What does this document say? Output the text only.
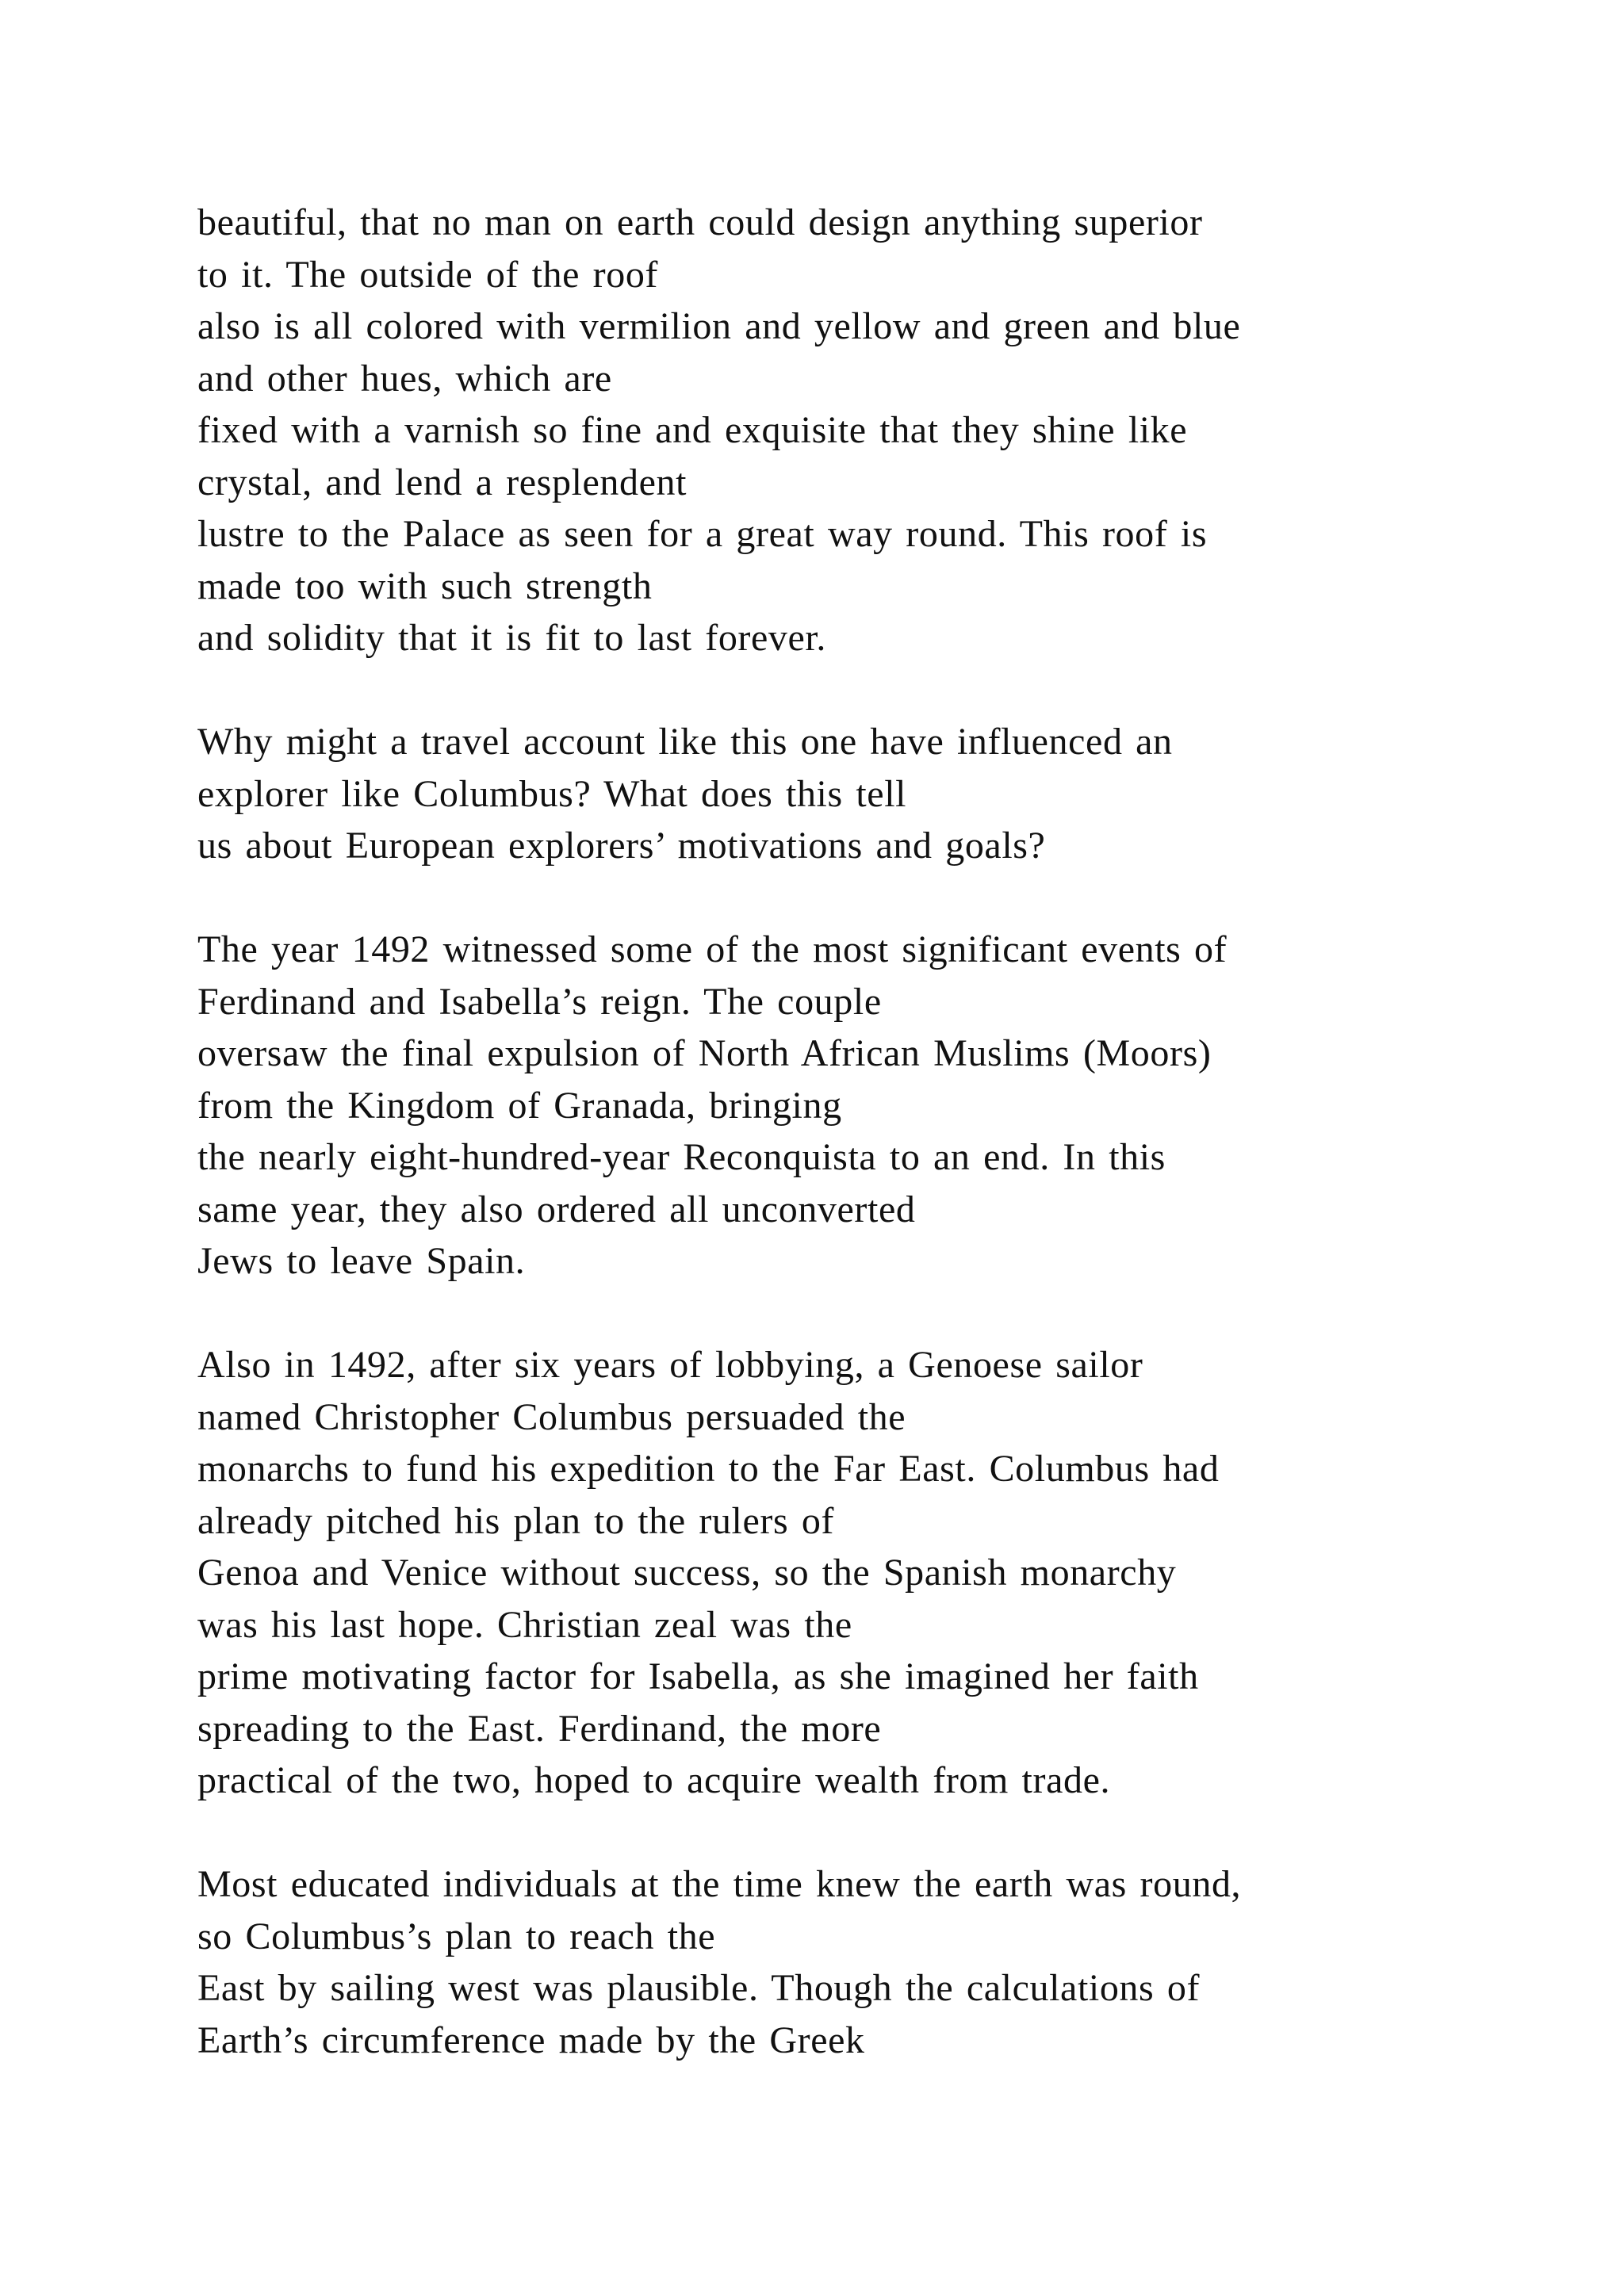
beautiful, that no man on earth could design anything superior
to it. The outside of the roof
also is all colored with vermilion and yellow and green and blue
and other hues, which are
fixed with a varnish so fine and exquisite that they shine like
crystal, and lend a resplendent
lustre to the Palace as seen for a great way round. This roof is
made too with such strength
and solidity that it is fit to last forever.

Why might a travel account like this one have influenced an
explorer like Columbus? What does this tell
us about European explorers’ motivations and goals?

The year 1492 witnessed some of the most significant events of
Ferdinand and Isabella’s reign. The couple
oversaw the final expulsion of North African Muslims (Moors)
from the Kingdom of Granada, bringing
the nearly eight-hundred-year Reconquista to an end. In this
same year, they also ordered all unconverted
Jews to leave Spain.

Also in 1492, after six years of lobbying, a Genoese sailor
named Christopher Columbus persuaded the
monarchs to fund his expedition to the Far East. Columbus had
already pitched his plan to the rulers of
Genoa and Venice without success, so the Spanish monarchy
was his last hope. Christian zeal was the
prime motivating factor for Isabella, as she imagined her faith
spreading to the East. Ferdinand, the more
practical of the two, hoped to acquire wealth from trade.

Most educated individuals at the time knew the earth was round,
so Columbus’s plan to reach the
East by sailing west was plausible. Though the calculations of
Earth’s circumference made by the Greek
